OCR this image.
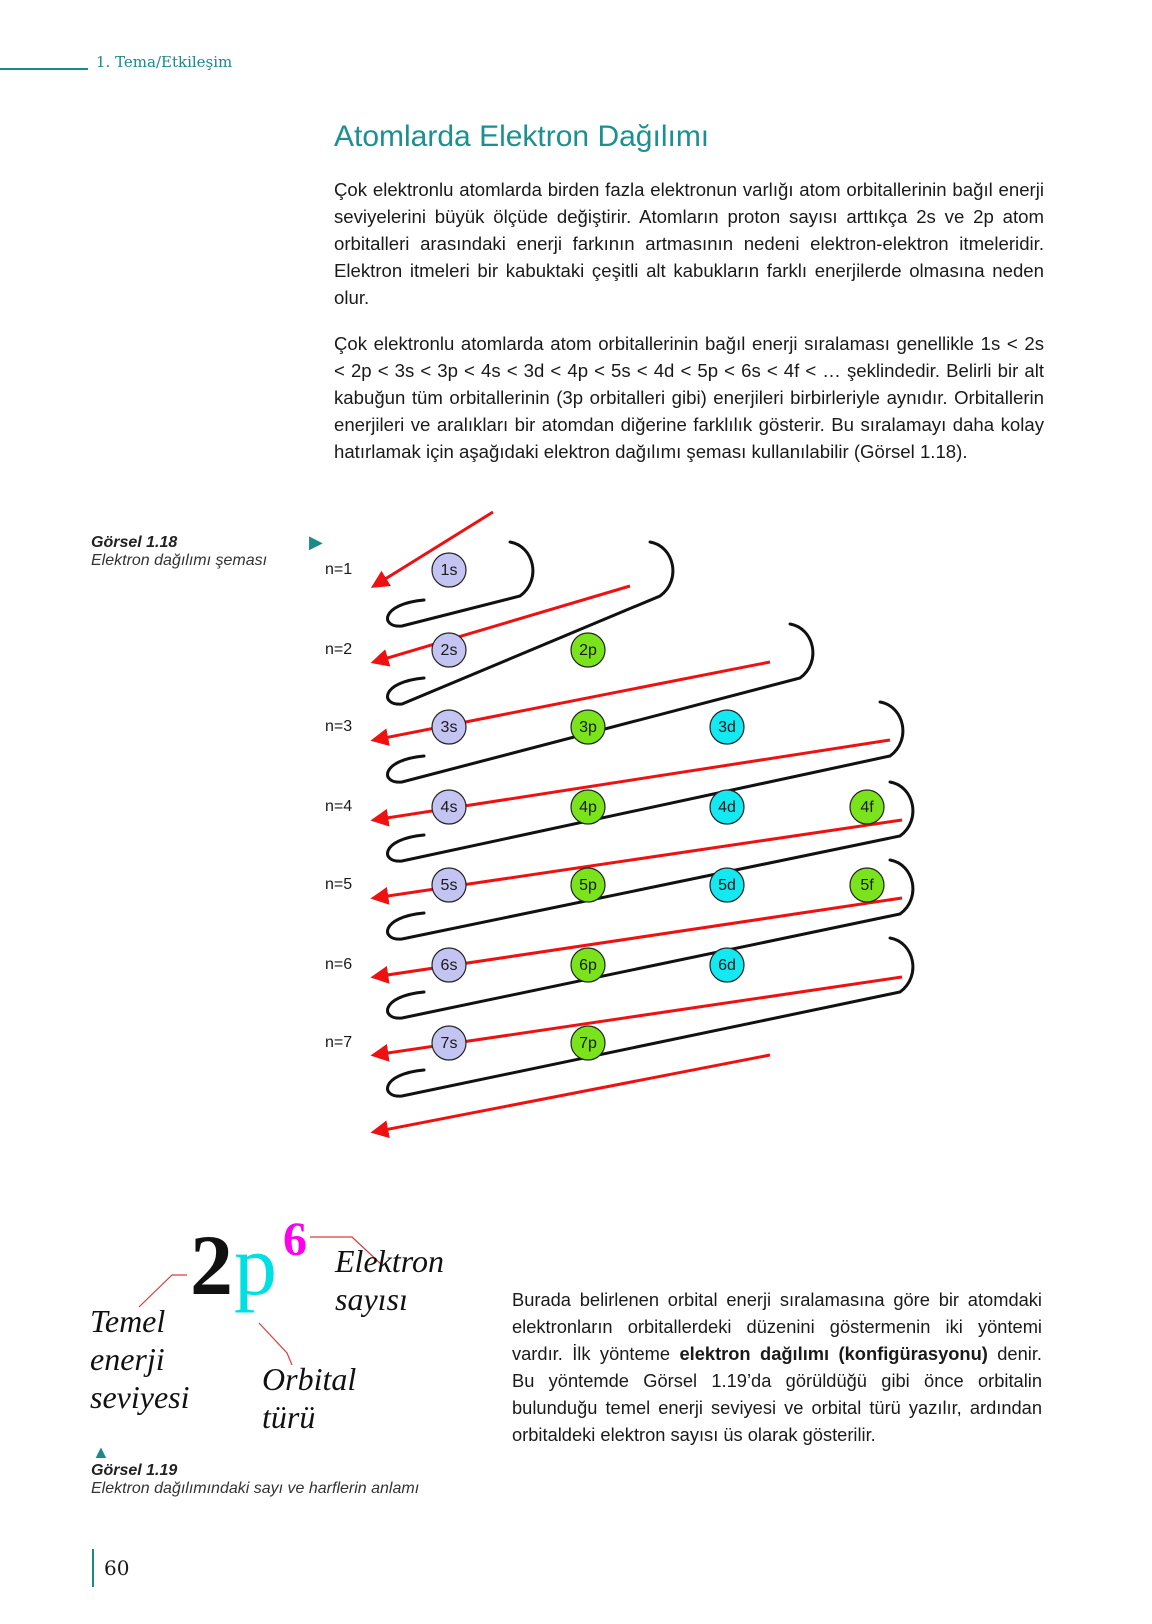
1. Tema/Etkileşim
Atomlarda Elektron Dağılımı

Çok elektronlu atomlarda birden fazla elektronun varlığı atom orbitallerinin bağıl enerji seviyelerini büyük ölçüde değiştirir. Atomların proton sayısı arttıkça 2s ve 2p atom orbitalleri arasındaki enerji farkının artmasının nedeni elektron-elektron itmeleridir. Elektron itmeleri bir kabuktaki çeşitli alt kabukların farklı enerjilerde olmasına neden olur.

Çok elektronlu atomlarda atom orbitallerinin bağıl enerji sıralaması genellikle 1s < 2s < 2p < 3s < 3p < 4s < 3d < 4p < 5s < 4d < 5p < 6s < 4f < … şeklindedir. Belirli bir alt kabuğun tüm orbitallerinin (3p orbitalleri gibi) enerjileri birbirleriyle aynıdır. Orbitallerin enerjileri ve aralıkları bir atomdan diğerine farklılık gösterir. Bu sıralamayı daha kolay hatırlamak için aşağıdaki elektron dağılımı şeması kullanılabilir (Görsel 1.18).

Görsel 1.18
Elektron dağılımı şeması
▶
n=1
n=2
n=3
n=4
n=5
n=6
n=7
1s
2s	2p
3s	3p	3d
4s	4p	4d	4f
5s	5p	5d	5f
6s	6p	6d
7s	7p
2 p 6
Temel
enerji
seviyesi
Elektron
sayısı
Orbital
türü
▲
Görsel 1.19
Elektron dağılımındaki sayı ve harflerin anlamı

Burada belirlenen orbital enerji sıralamasına göre bir atomdaki elektronların orbitallerdeki düzenini göstermenin iki yöntemi vardır. İlk yönteme elektron dağılımı (konfigürasyonu) denir. Bu yöntemde Görsel 1.19’da görüldüğü gibi önce orbitalin bulunduğu temel enerji seviyesi ve orbital türü yazılır, ardından orbitaldeki elektron sayısı üs olarak gösterilir.

60
